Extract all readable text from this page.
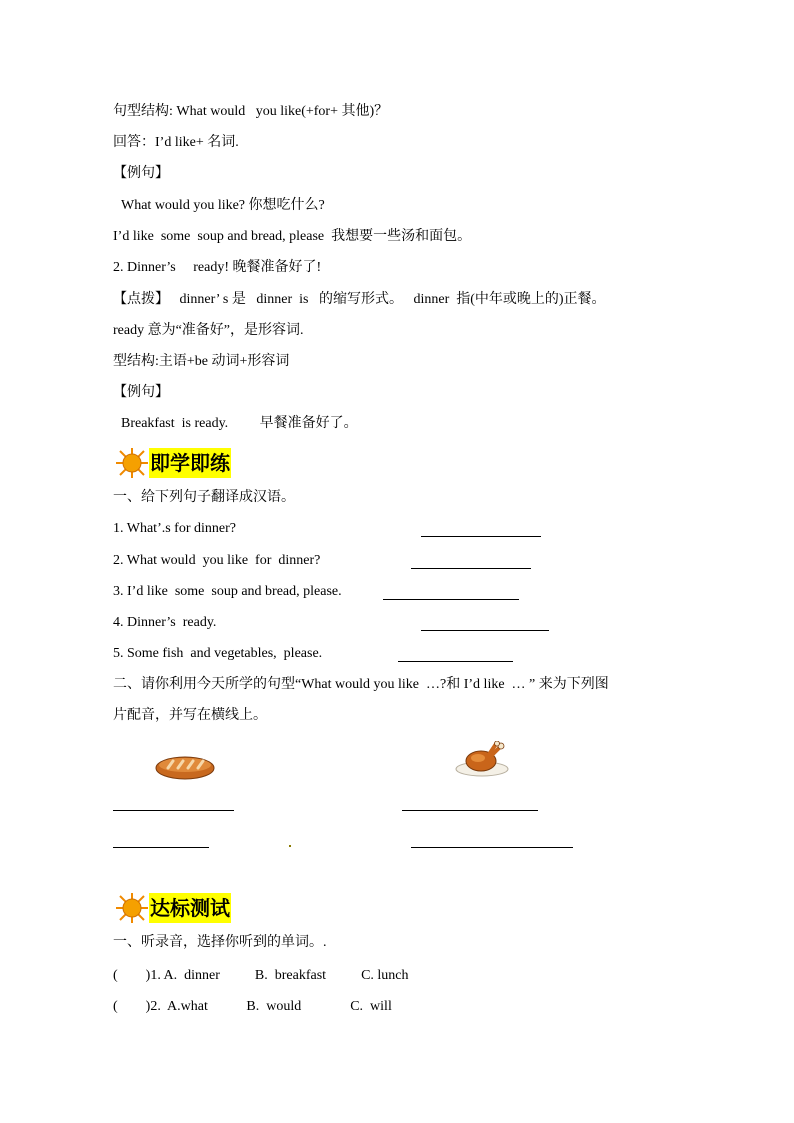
句型结构: What would   you like(+for+ 其他)？
回答：I’d like+ 名词.
【例句】
What would you like? 你想吃什么?
I’d like  some  soup and bread, please  我想要一些汤和面包。
2. Dinner’s     ready! 晚餐准备好了!
【点拨】   dinner’ s 是   dinner  is   的缩写形式。   dinner  指(中年或晚上的)正餐。
ready 意为“准备好”，是形容词.
型结构:主语+be 动词+形容词
【例句】
Breakfast  is ready.         早餐准备好了。
即学即练
一、给下列句子翻译成汉语。
1. What’.s for dinner?
2. What would  you like  for  dinner?
3. I’d like  some  soup and bread, please.
4. Dinner’s  ready.
5. Some fish  and vegetables,  please.
二、请你利用今天所学的句型“What would you like  …?和 I’d like  … ” 来为下列图
片配音，并写在横线上。
达标测试
一、听录音，选择你听到的单词。.
(        )1. A.  dinner          B.  breakfast          C. lunch
(        )2.  A.what           B.  would              C.  will
